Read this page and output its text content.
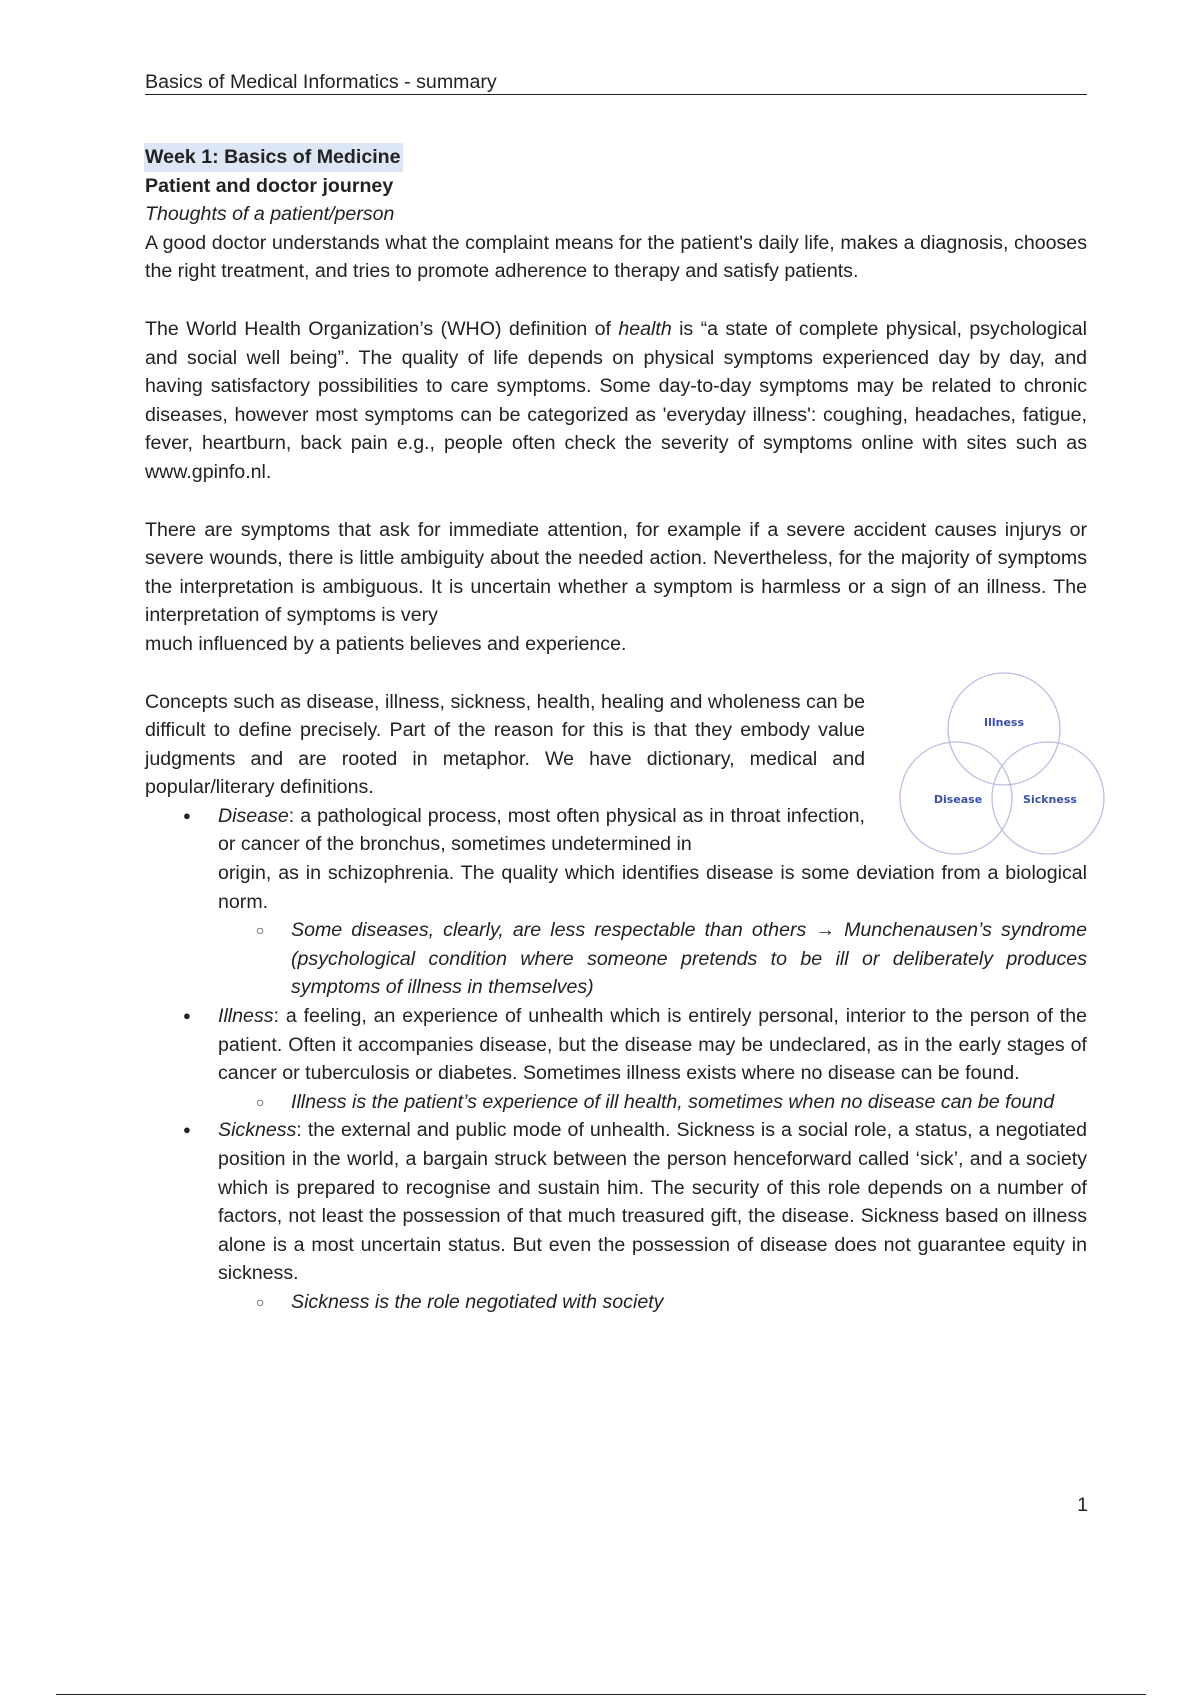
Basics of Medical Informatics - summary
Week 1: Basics of Medicine
Patient and doctor journey
Thoughts of a patient/person

A good doctor understands what the complaint means for the patient's daily life, makes a diagnosis, chooses the right treatment, and tries to promote adherence to therapy and satisfy patients.

The World Health Organization’s (WHO) definition of health is “a state of complete physical, psychological and social well being”. The quality of life depends on physical symptoms experienced day by day, and having satisfactory possibilities to care symptoms. Some day-to-day symptoms may be related to chronic diseases, however most symptoms can be categorized as 'everyday illness': coughing, headaches, fatigue, fever, heartburn, back pain e.g., people often check the severity of symptoms online with sites such as www.gpinfo.nl.

There are symptoms that ask for immediate attention, for example if a severe accident causes injurys or severe wounds, there is little ambiguity about the needed action. Nevertheless, for the majority of symptoms the interpretation is ambiguous. It is uncertain whether a symptom is harmless or a sign of an illness. The interpretation of symptoms is very

much influenced by a patients believes and experience.

Concepts such as disease, illness, sickness, health, healing and wholeness can be difficult to define precisely. Part of the reason for this is that they embody value judgments and are rooted in metaphor. We have dictionary, medical and popular/literary definitions.

● Disease: a pathological process, most often physical as in throat infection, or cancer of the bronchus, sometimes undetermined in
origin, as in schizophrenia. The quality which identifies disease is some deviation from a biological norm.
○ Some diseases, clearly, are less respectable than others → Munchenausen’s syndrome (psychological condition where someone pretends to be ill or deliberately produces symptoms of illness in themselves)
● Illness: a feeling, an experience of unhealth which is entirely personal, interior to the person of the patient. Often it accompanies disease, but the disease may be undeclared, as in the early stages of cancer or tuberculosis or diabetes. Sometimes illness exists where no disease can be found.
○ Illness is the patient’s experience of ill health, sometimes when no disease can be found
● Sickness: the external and public mode of unhealth. Sickness is a social role, a status, a negotiated position in the world, a bargain struck between the person henceforward called ‘sick’, and a society which is prepared to recognise and sustain him. The security of this role depends on a number of factors, not least the possession of that much treasured gift, the disease. Sickness based on illness alone is a most uncertain status. But even the possession of disease does not guarantee equity in sickness.
○ Sickness is the role negotiated with society
Illness
Disease	Sickness
1
